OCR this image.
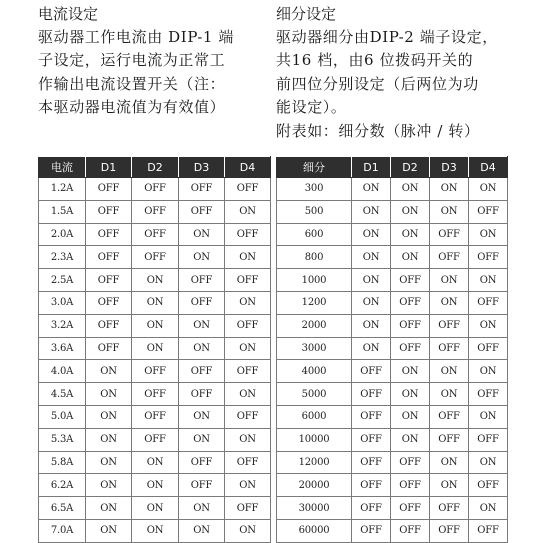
电流设定
驱动器工作电流由 DIP-1 端
子设定，运行电流为正常工
作输出电流设置开关（注：
本驱动器电流值为有效值）
细分设定
驱动器细分由DIP-2 端子设定，
共16 档，由6 位拨码开关的
前四位分别设定（后两位为功
能设定）。
附表如：细分数（脉冲 / 转）
电流	D1	D2	D3	D4
1.2A	OFF	OFF	OFF	OFF
1.5A	OFF	OFF	OFF	ON
2.0A	OFF	OFF	ON	OFF
2.3A	OFF	OFF	ON	ON
2.5A	OFF	ON	OFF	OFF
3.0A	OFF	ON	OFF	ON
3.2A	OFF	ON	ON	OFF
3.6A	OFF	ON	ON	ON
4.0A	ON	OFF	OFF	OFF
4.5A	ON	OFF	OFF	ON
5.0A	ON	OFF	ON	OFF
5.3A	ON	OFF	ON	ON
5.8A	ON	ON	OFF	OFF
6.2A	ON	ON	OFF	ON
6.5A	ON	ON	ON	OFF
7.0A	ON	ON	ON	ON
细分	D1	D2	D3	D4
300	ON	ON	ON	ON
500	ON	ON	ON	OFF
600	ON	ON	OFF	ON
800	ON	ON	OFF	OFF
1000	ON	OFF	ON	ON
1200	ON	OFF	ON	OFF
2000	ON	OFF	OFF	ON
3000	ON	OFF	OFF	OFF
4000	OFF	ON	ON	ON
5000	OFF	ON	ON	OFF
6000	OFF	ON	OFF	ON
10000	OFF	ON	OFF	OFF
12000	OFF	OFF	ON	ON
20000	OFF	OFF	ON	OFF
30000	OFF	OFF	OFF	ON
60000	OFF	OFF	OFF	OFF
